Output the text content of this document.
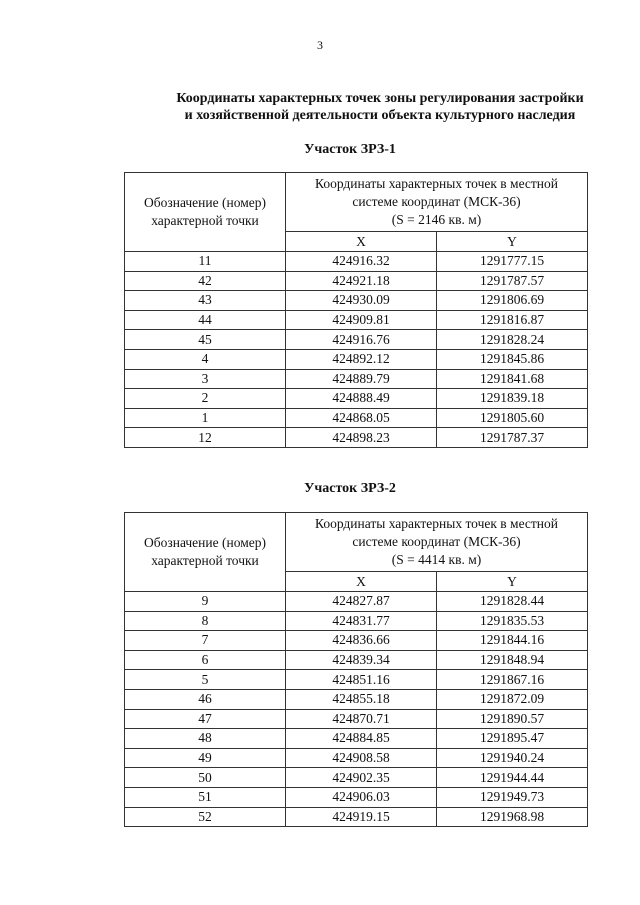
3
Координаты характерных точек зоны регулирования застройки
и хозяйственной деятельности объекта культурного наследия
Участок ЗРЗ-1
Обозначение (номер) характерной точки	Координаты характерных точек в местной
системе координат (МСК-36)
(S = 2146 кв. м)	

	X	Y
11	424916.32	1291777.15
42	424921.18	1291787.57
43	424930.09	1291806.69
44	424909.81	1291816.87
45	424916.76	1291828.24
4	424892.12	1291845.86
3	424889.79	1291841.68
2	424888.49	1291839.18
1	424868.05	1291805.60
12	424898.23	1291787.37
Участок ЗРЗ-2
Обозначение (номер) характерной точки	Координаты характерных точек в местной
системе координат (МСК-36)
(S = 4414 кв. м)	

	X	Y
9	424827.87	1291828.44
8	424831.77	1291835.53
7	424836.66	1291844.16
6	424839.34	1291848.94
5	424851.16	1291867.16
46	424855.18	1291872.09
47	424870.71	1291890.57
48	424884.85	1291895.47
49	424908.58	1291940.24
50	424902.35	1291944.44
51	424906.03	1291949.73
52	424919.15	1291968.98
